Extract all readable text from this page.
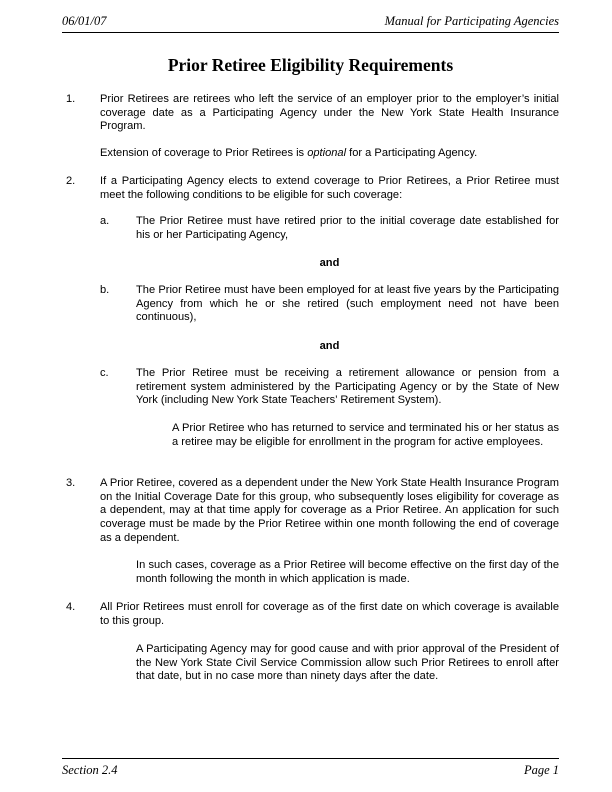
06/01/07	Manual for Participating Agencies
Prior Retiree Eligibility Requirements
1. Prior Retirees are retirees who left the service of an employer prior to the employer’s initial coverage date as a Participating Agency under the New York State Health Insurance Program.
Extension of coverage to Prior Retirees is optional for a Participating Agency.
2. If a Participating Agency elects to extend coverage to Prior Retirees, a Prior Retiree must meet the following conditions to be eligible for such coverage:
a. The Prior Retiree must have retired prior to the initial coverage date established for his or her Participating Agency,
and
b. The Prior Retiree must have been employed for at least five years by the Participating Agency from which he or she retired (such employment need not have been continuous),
and
c. The Prior Retiree must be receiving a retirement allowance or pension from a retirement system administered by the Participating Agency or by the State of New York (including New York State Teachers’ Retirement System).
A Prior Retiree who has returned to service and terminated his or her status as a retiree may be eligible for enrollment in the program for active employees.
3. A Prior Retiree, covered as a dependent under the New York State Health Insurance Program on the Initial Coverage Date for this group, who subsequently loses eligibility for coverage as a dependent, may at that time apply for coverage as a Prior Retiree. An application for such coverage must be made by the Prior Retiree within one month following the end of coverage as a dependent.
In such cases, coverage as a Prior Retiree will become effective on the first day of the month following the month in which application is made.
4. All Prior Retirees must enroll for coverage as of the first date on which coverage is available to this group.
A Participating Agency may for good cause and with prior approval of the President of the New York State Civil Service Commission allow such Prior Retirees to enroll after that date, but in no case more than ninety days after the date.
Section 2.4	Page 1
